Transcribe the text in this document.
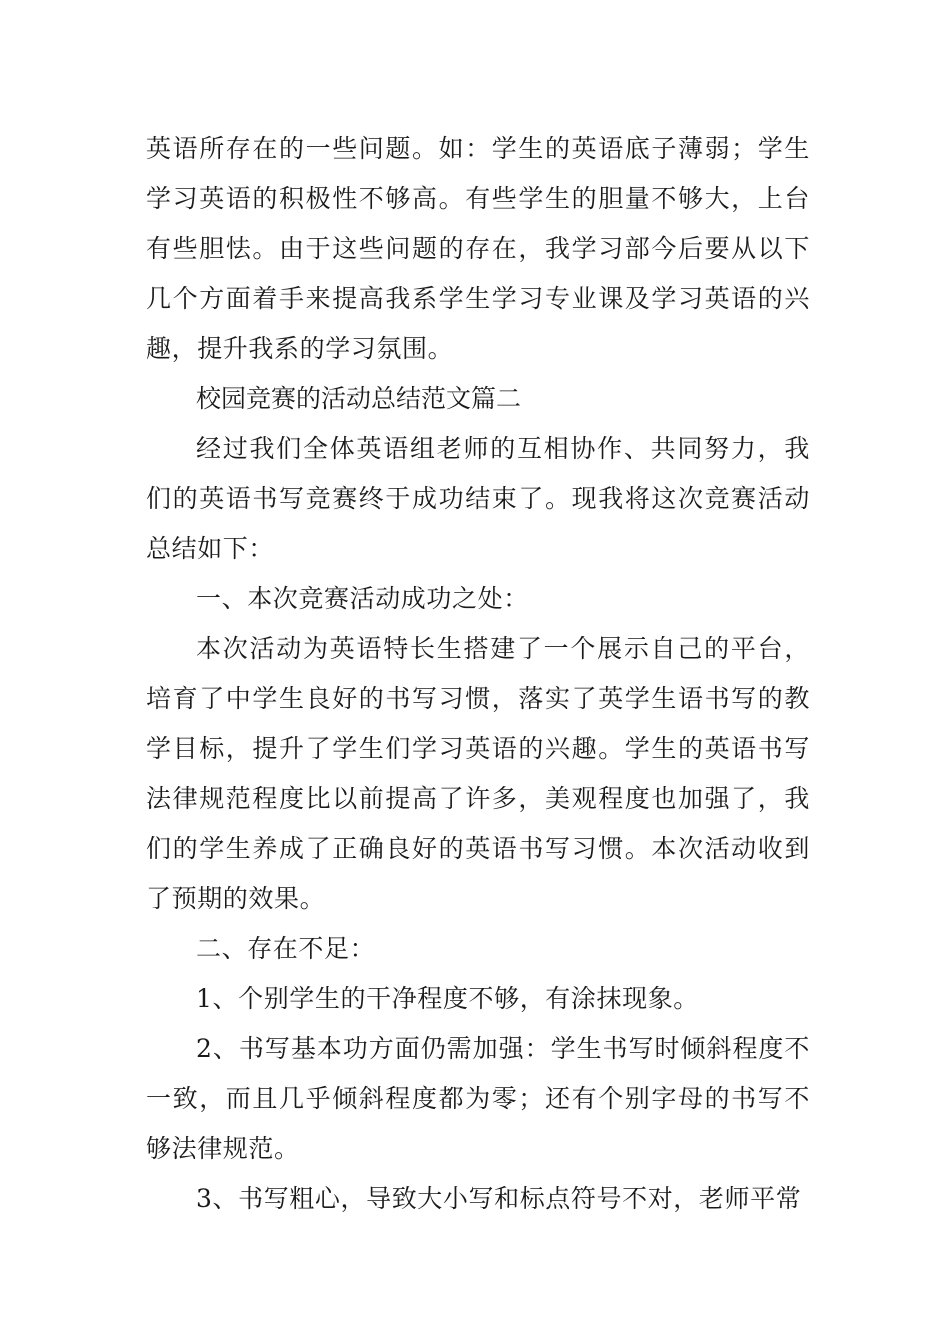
英语所存在的一些问题。如：学生的英语底子薄弱；学生学习英语的积极性不够高。有些学生的胆量不够大，上台有些胆怯。由于这些问题的存在，我学习部今后要从以下几个方面着手来提高我系学生学习专业课及学习英语的兴趣，提升我系的学习氛围。

校园竞赛的活动总结范文篇二

经过我们全体英语组老师的互相协作、共同努力，我们的英语书写竞赛终于成功结束了。现我将这次竞赛活动总结如下：

一、本次竞赛活动成功之处：

本次活动为英语特长生搭建了一个展示自己的平台，培育了中学生良好的书写习惯，落实了英学生语书写的教学目标，提升了学生们学习英语的兴趣。学生的英语书写法律规范程度比以前提高了许多，美观程度也加强了，我们的学生养成了正确良好的英语书写习惯。本次活动收到了预期的效果。

二、存在不足：

1、个别学生的干净程度不够，有涂抹现象。

2、书写基本功方面仍需加强：学生书写时倾斜程度不一致，而且几乎倾斜程度都为零；还有个别字母的书写不够法律规范。

3、书写粗心，导致大小写和标点符号不对，老师平常
